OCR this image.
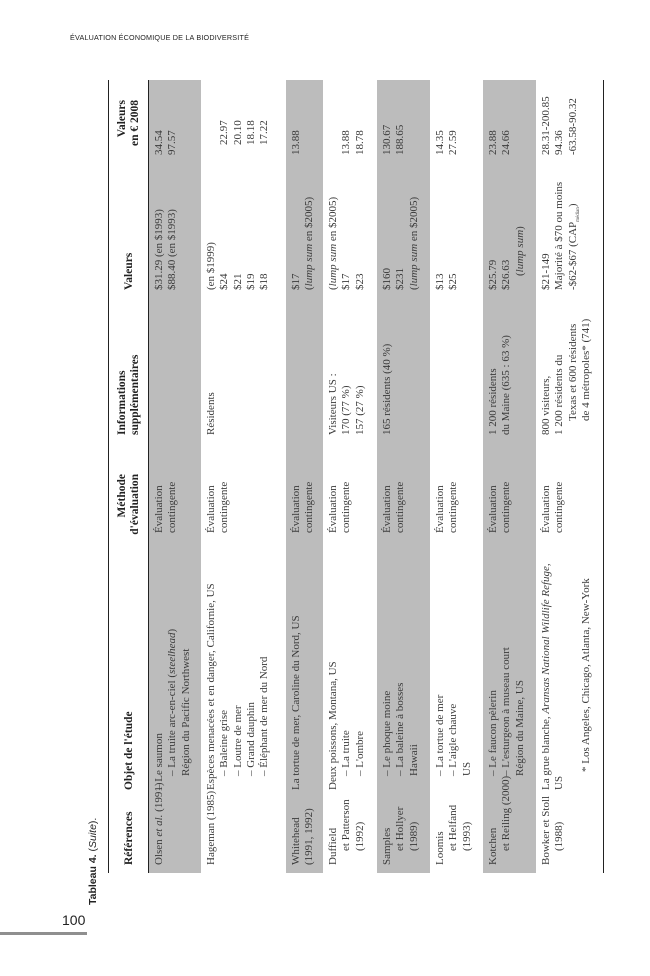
ÉVALUATION ÉCONOMIQUE DE LA BIODIVERSITÉ
100
Tableau 4. (Suite). Références
Objet de l'étude
Méthode d'évaluation
Informations supplémentaires
Valeurs
Valeurs en € 2008
Olsen et al. (1991)
– Le saumon – La truite arc-en-ciel (steelhead)
Région du Pacific Northwest
Évaluation contingente
$31.29 (en $1993) $88.40 (en $1993)
34.54 97.57
Hageman (1985)
Espèces menacées et en danger, Californie, US – Baleine grise – Loutre de mer – Grand dauphin – Éléphant de mer du Nord
Évaluation contingente
Résidents
(en $1999) $24 $21 $19 $18

22.97 20.10 18.18 17.22
Whitehead (1991, 1992)
La tortue de mer, Caroline du Nord, US
Évaluation contingente
$17 (lump sum en $2005)
13.88
Duffield et Patterson (1992)
Deux poissons, Montana, US – La truite – L'ombre
Évaluation contingente
Visiteurs US : 170 (77 %) 157 (27 %)
(lump sum en $2005)
$17 $23

13.88 18.78
Samples et Hollyer (1989)
– Le phoque moine – La baleine à bosses Hawaii
Évaluation contingente
165 résidents (40 %)
$160 $231 (lump sum en $2005)
130.67 188.65
Loomis et Helfand (1993)
– La tortue de mer – L'aigle chauve US
Évaluation contingente
$13 $25
14.35 27.59
Kotchen et Reiling (2000)
– Le faucon pèlerin – L'esturgeon à museau court Région du Maine, US
Évaluation contingente
1 200 résidents du Maine (635 : 63 %)
$25.79 $26.63 (lump sum)
23.88 24.66
Bowker et Stoll (1988)
La grue blanche, Aransas National Wildlife Refuge,
US

* Los Angeles, Chicago, Atlanta, New-York
Évaluation contingente
800 visiteurs, 1 200 résidents du Texas et 600 résidents de 4 métropoles* (741)
$21-149 Majorité à $70 ou moins -$62-$67 $(CAP_{médian})$
28.31-200.85 94.36 -63.58-90.32
